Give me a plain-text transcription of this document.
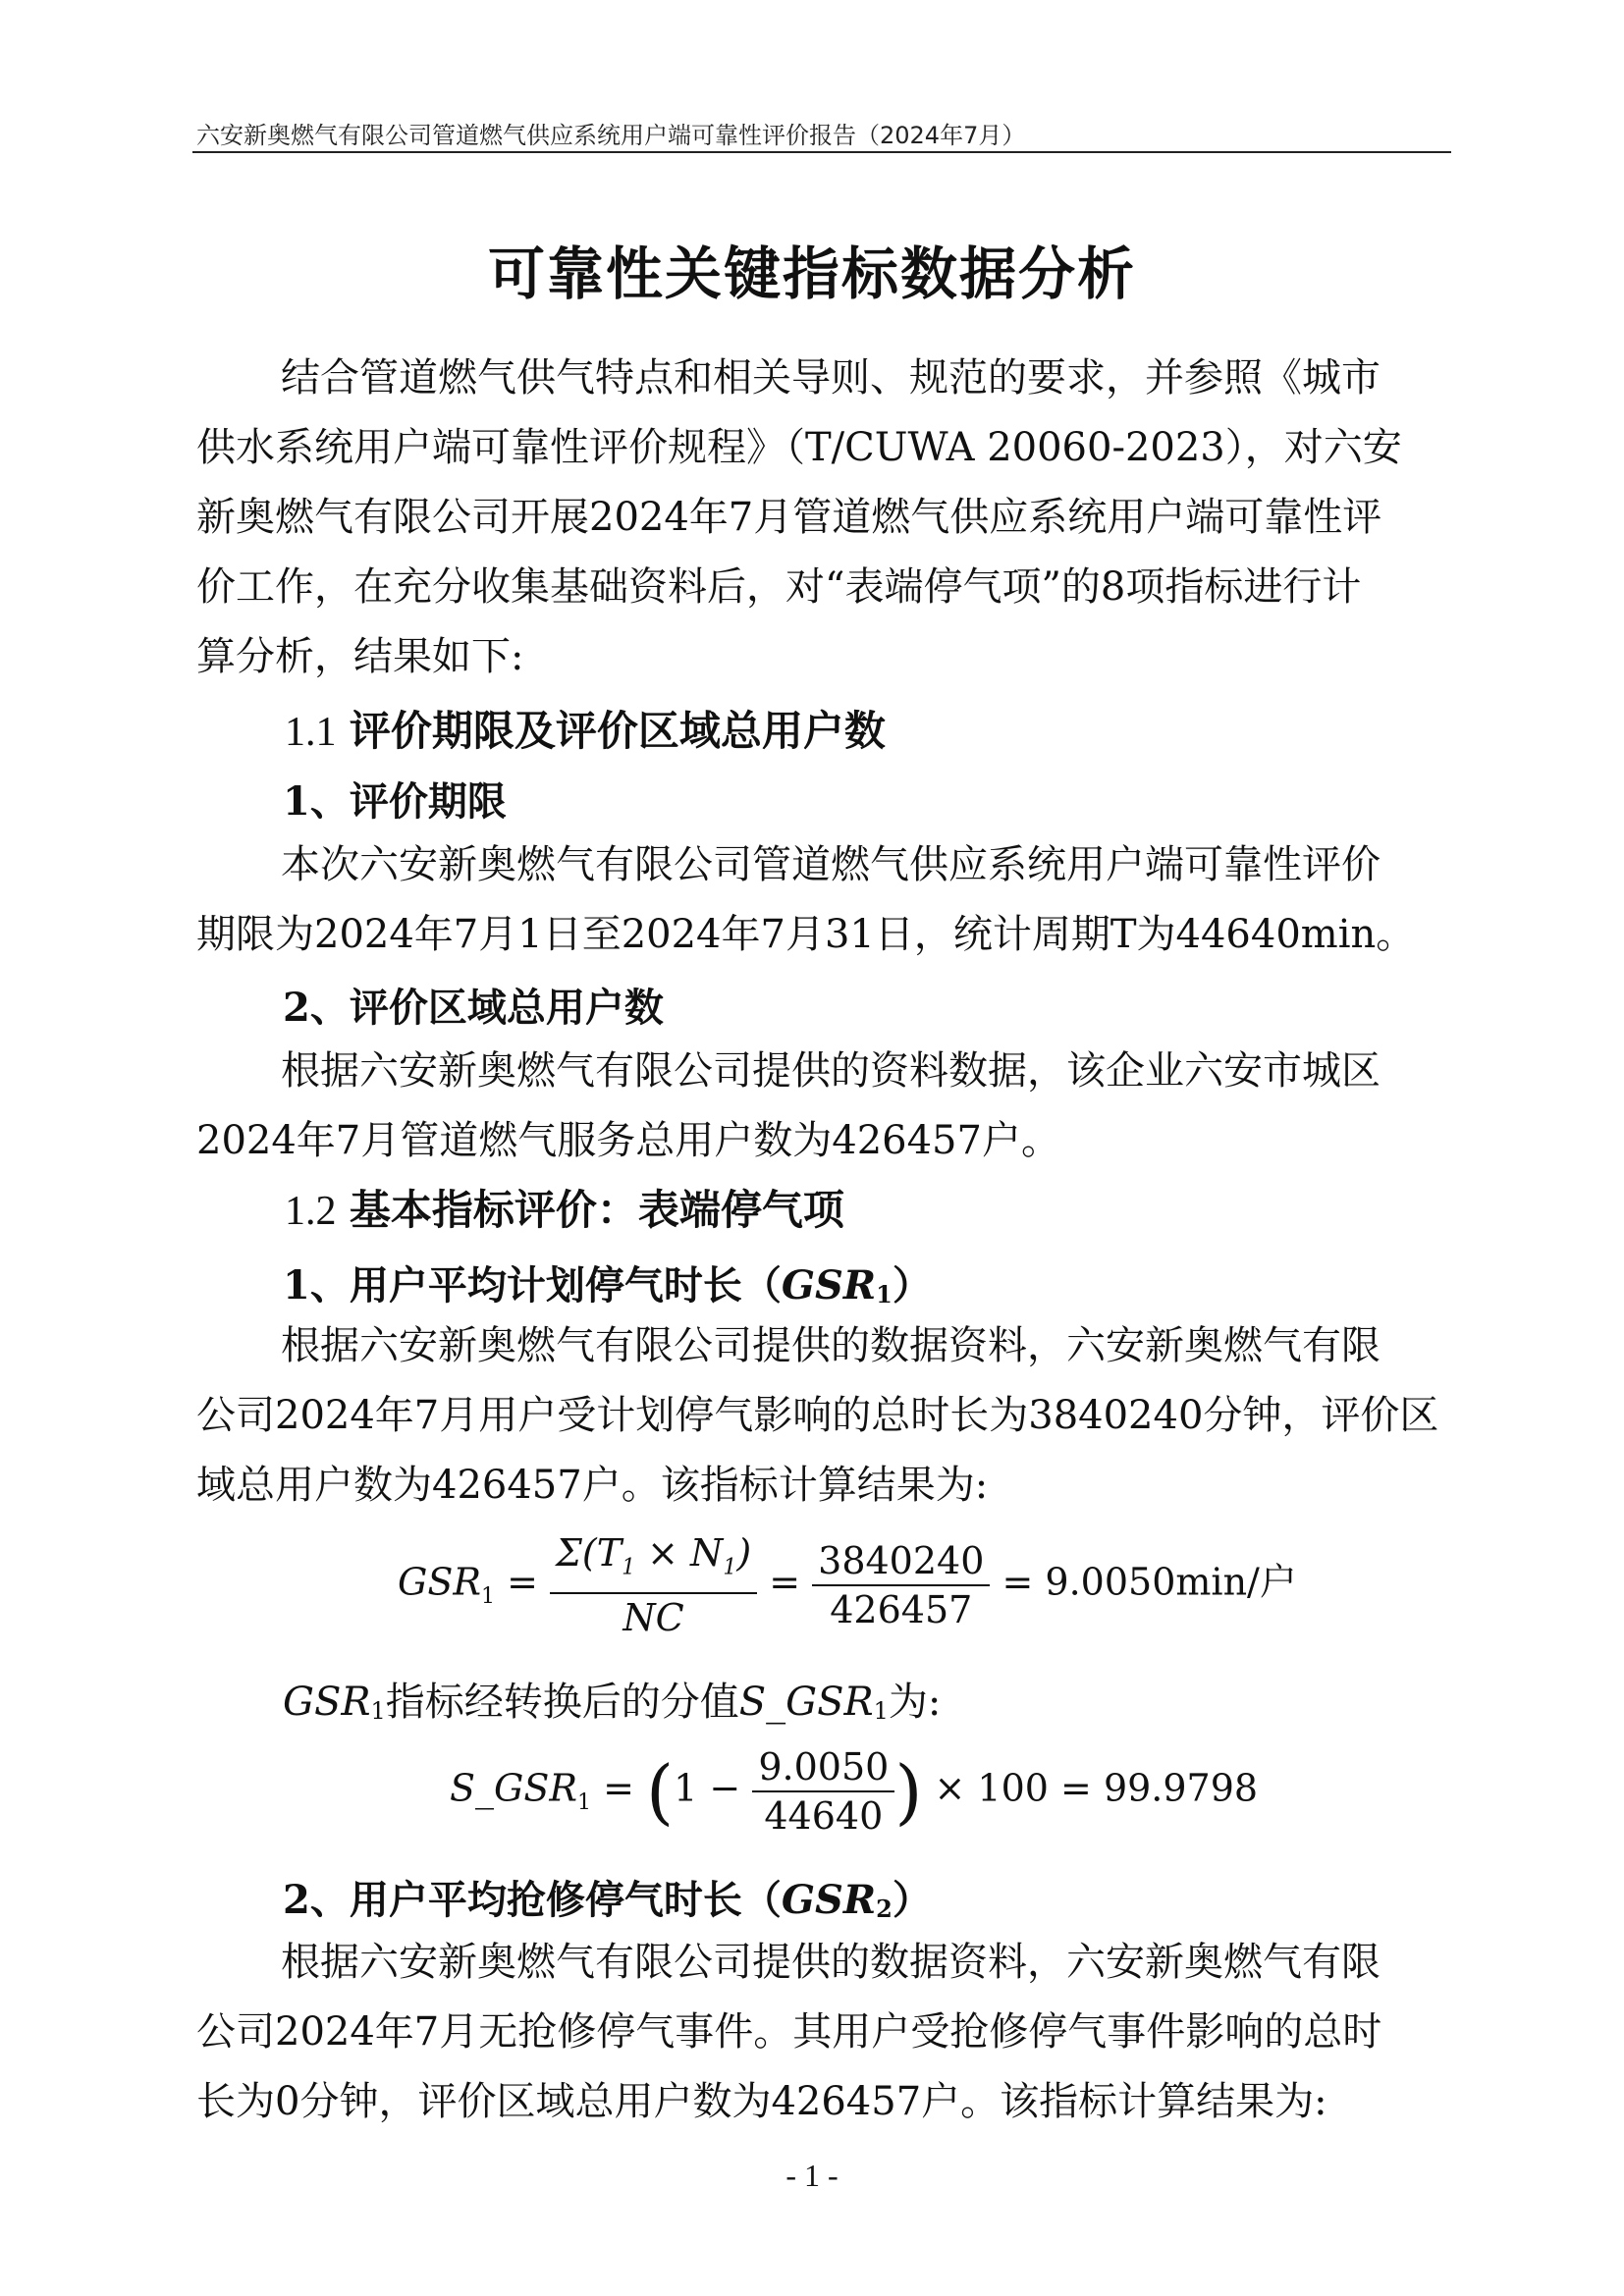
六安新奥燃气有限公司管道燃气供应系统用户端可靠性评价报告（2024年7月）
可靠性关键指标数据分析
结合管道燃气供气特点和相关导则、规范的要求，并参照《城市
供水系统用户端可靠性评价规程》（T/CUWA 20060-2023），对六安
新奥燃气有限公司开展2024年7月管道燃气供应系统用户端可靠性评
价工作，在充分收集基础资料后，对“表端停气项”的8项指标进行计
算分析，结果如下:
1.1 评价期限及评价区域总用户数
1、评价期限
本次六安新奥燃气有限公司管道燃气供应系统用户端可靠性评价
期限为2024年7月1日至2024年7月31日，统计周期T为44640min。
2、评价区域总用户数
根据六安新奥燃气有限公司提供的资料数据，该企业六安市城区
2024年7月管道燃气服务总用户数为426457户。
1.2 基本指标评价：表端停气项
1、用户平均计划停气时长$(GSR_1)$
根据六安新奥燃气有限公司提供的数据资料，六安新奥燃气有限
公司2024年7月用户受计划停气影响的总时长为3840240分钟，评价区
域总用户数为426457户。该指标计算结果为:
$GSR_1 = \frac{\Sigma(T_1 \times N_1)}{NC} = \frac{3840240}{426457} = 9.0050\min/$户
$GSR_1$指标经转换后的分值$S\_GSR_1$为:
$S\_GSR_1 = (1 - \frac{9.0050}{44640}$ ) × 100 = 99.9798
2、用户平均抢修停气时长$(GSR_2)$
根据六安新奥燃气有限公司提供的数据资料，六安新奥燃气有限
公司2024年7月无抢修停气事件。其用户受抢修停气事件影响的总时
长为0分钟，评价区域总用户数为426457户。该指标计算结果为:
- 1 -
